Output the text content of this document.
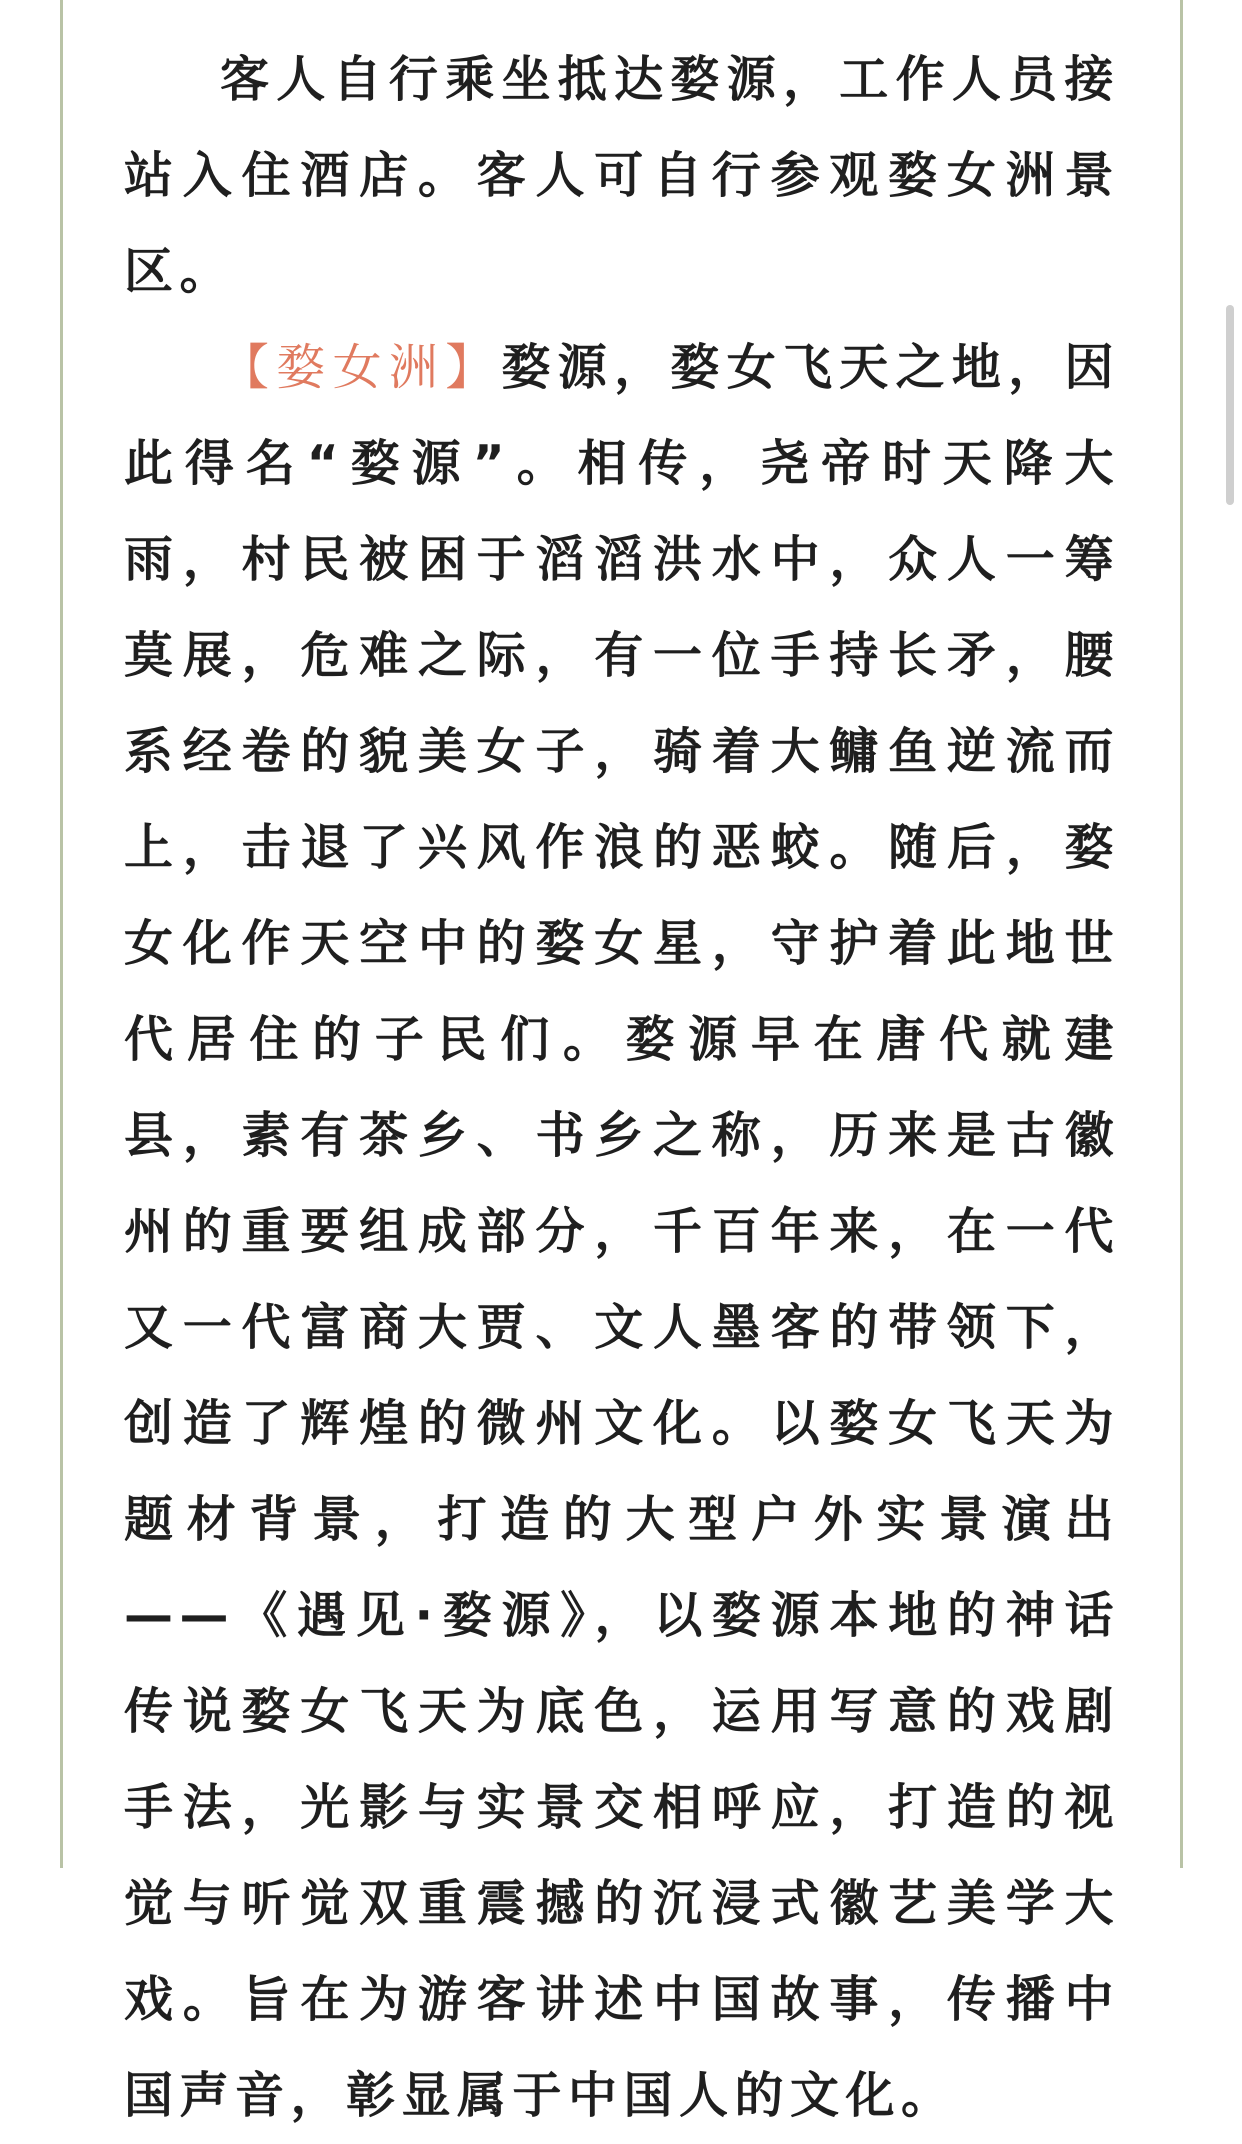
客人自行乘坐抵达婺源，工作人员接站入住酒店。客人可自行参观婺女洲景区。

【婺女洲】婺源，婺女飞天之地，因此得名“婺源”。相传，尧帝时天降大雨，村民被困于滔滔洪水中，众人一筹莫展，危难之际，有一位手持长矛，腰系经卷的貌美女子，骑着大鳙鱼逆流而上，击退了兴风作浪的恶蛟。随后，婺女化作天空中的婺女星，守护着此地世代居住的子民们。婺源早在唐代就建县，素有茶乡、书乡之称，历来是古徽州的重要组成部分，千百年来，在一代又一代富商大贾、文人墨客的带领下，创造了辉煌的微州文化。以婺女飞天为题材背景，打造的大型户外实景演出——《遇见·婺源》，以婺源本地的神话传说婺女飞天为底色，运用写意的戏剧手法，光影与实景交相呼应，打造的视觉与听觉双重震撼的沉浸式徽艺美学大戏。旨在为游客讲述中国故事，传播中国声音，彰显属于中国人的文化。
